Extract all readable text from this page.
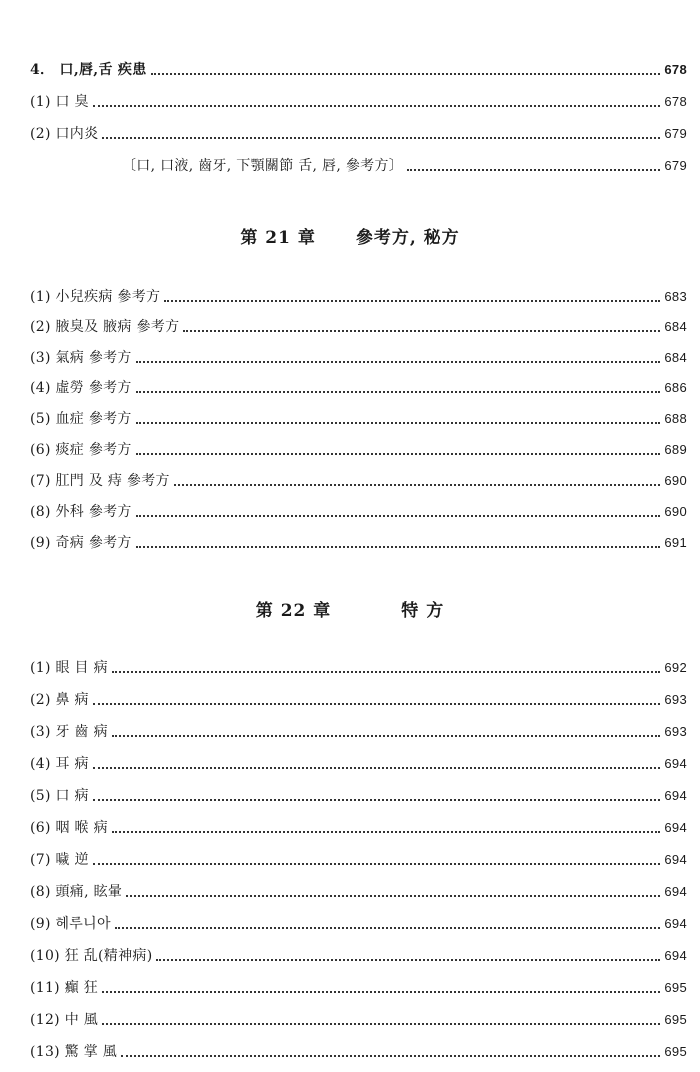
4． 口,唇,舌 疾患	678
(1) 口 臭	678
(2) 口内炎	679
〔口, 口液, 齒牙, 下顎關節 舌, 唇, 參考方〕	679
第 21 章 參考方, 秘方
(1) 小兒疾病 參考方	683
(2) 腋臭及 腋病 參考方	684
(3) 氣病 參考方	684
(4) 虛勞 參考方	686
(5) 血症 參考方	688
(6) 痰症 參考方	689
(7) 肛門 及 痔 參考方	690
(8) 外科 參考方	690
(9) 奇病 參考方	691
第 22 章	特 方
(1) 眼 目 病	692
(2) 鼻 病	693
(3) 牙 齒 病	693
(4) 耳 病	694
(5) 口 病	694
(6) 咽 喉 病	694
(7) 噦 逆	694
(8) 頭痛, 眩暈	694
(9) 헤루니아	694
(10) 狂 乱(精神病)	694
(11) 癲 狂	695
(12) 中 風	695
(13) 驚 掌 風	695
